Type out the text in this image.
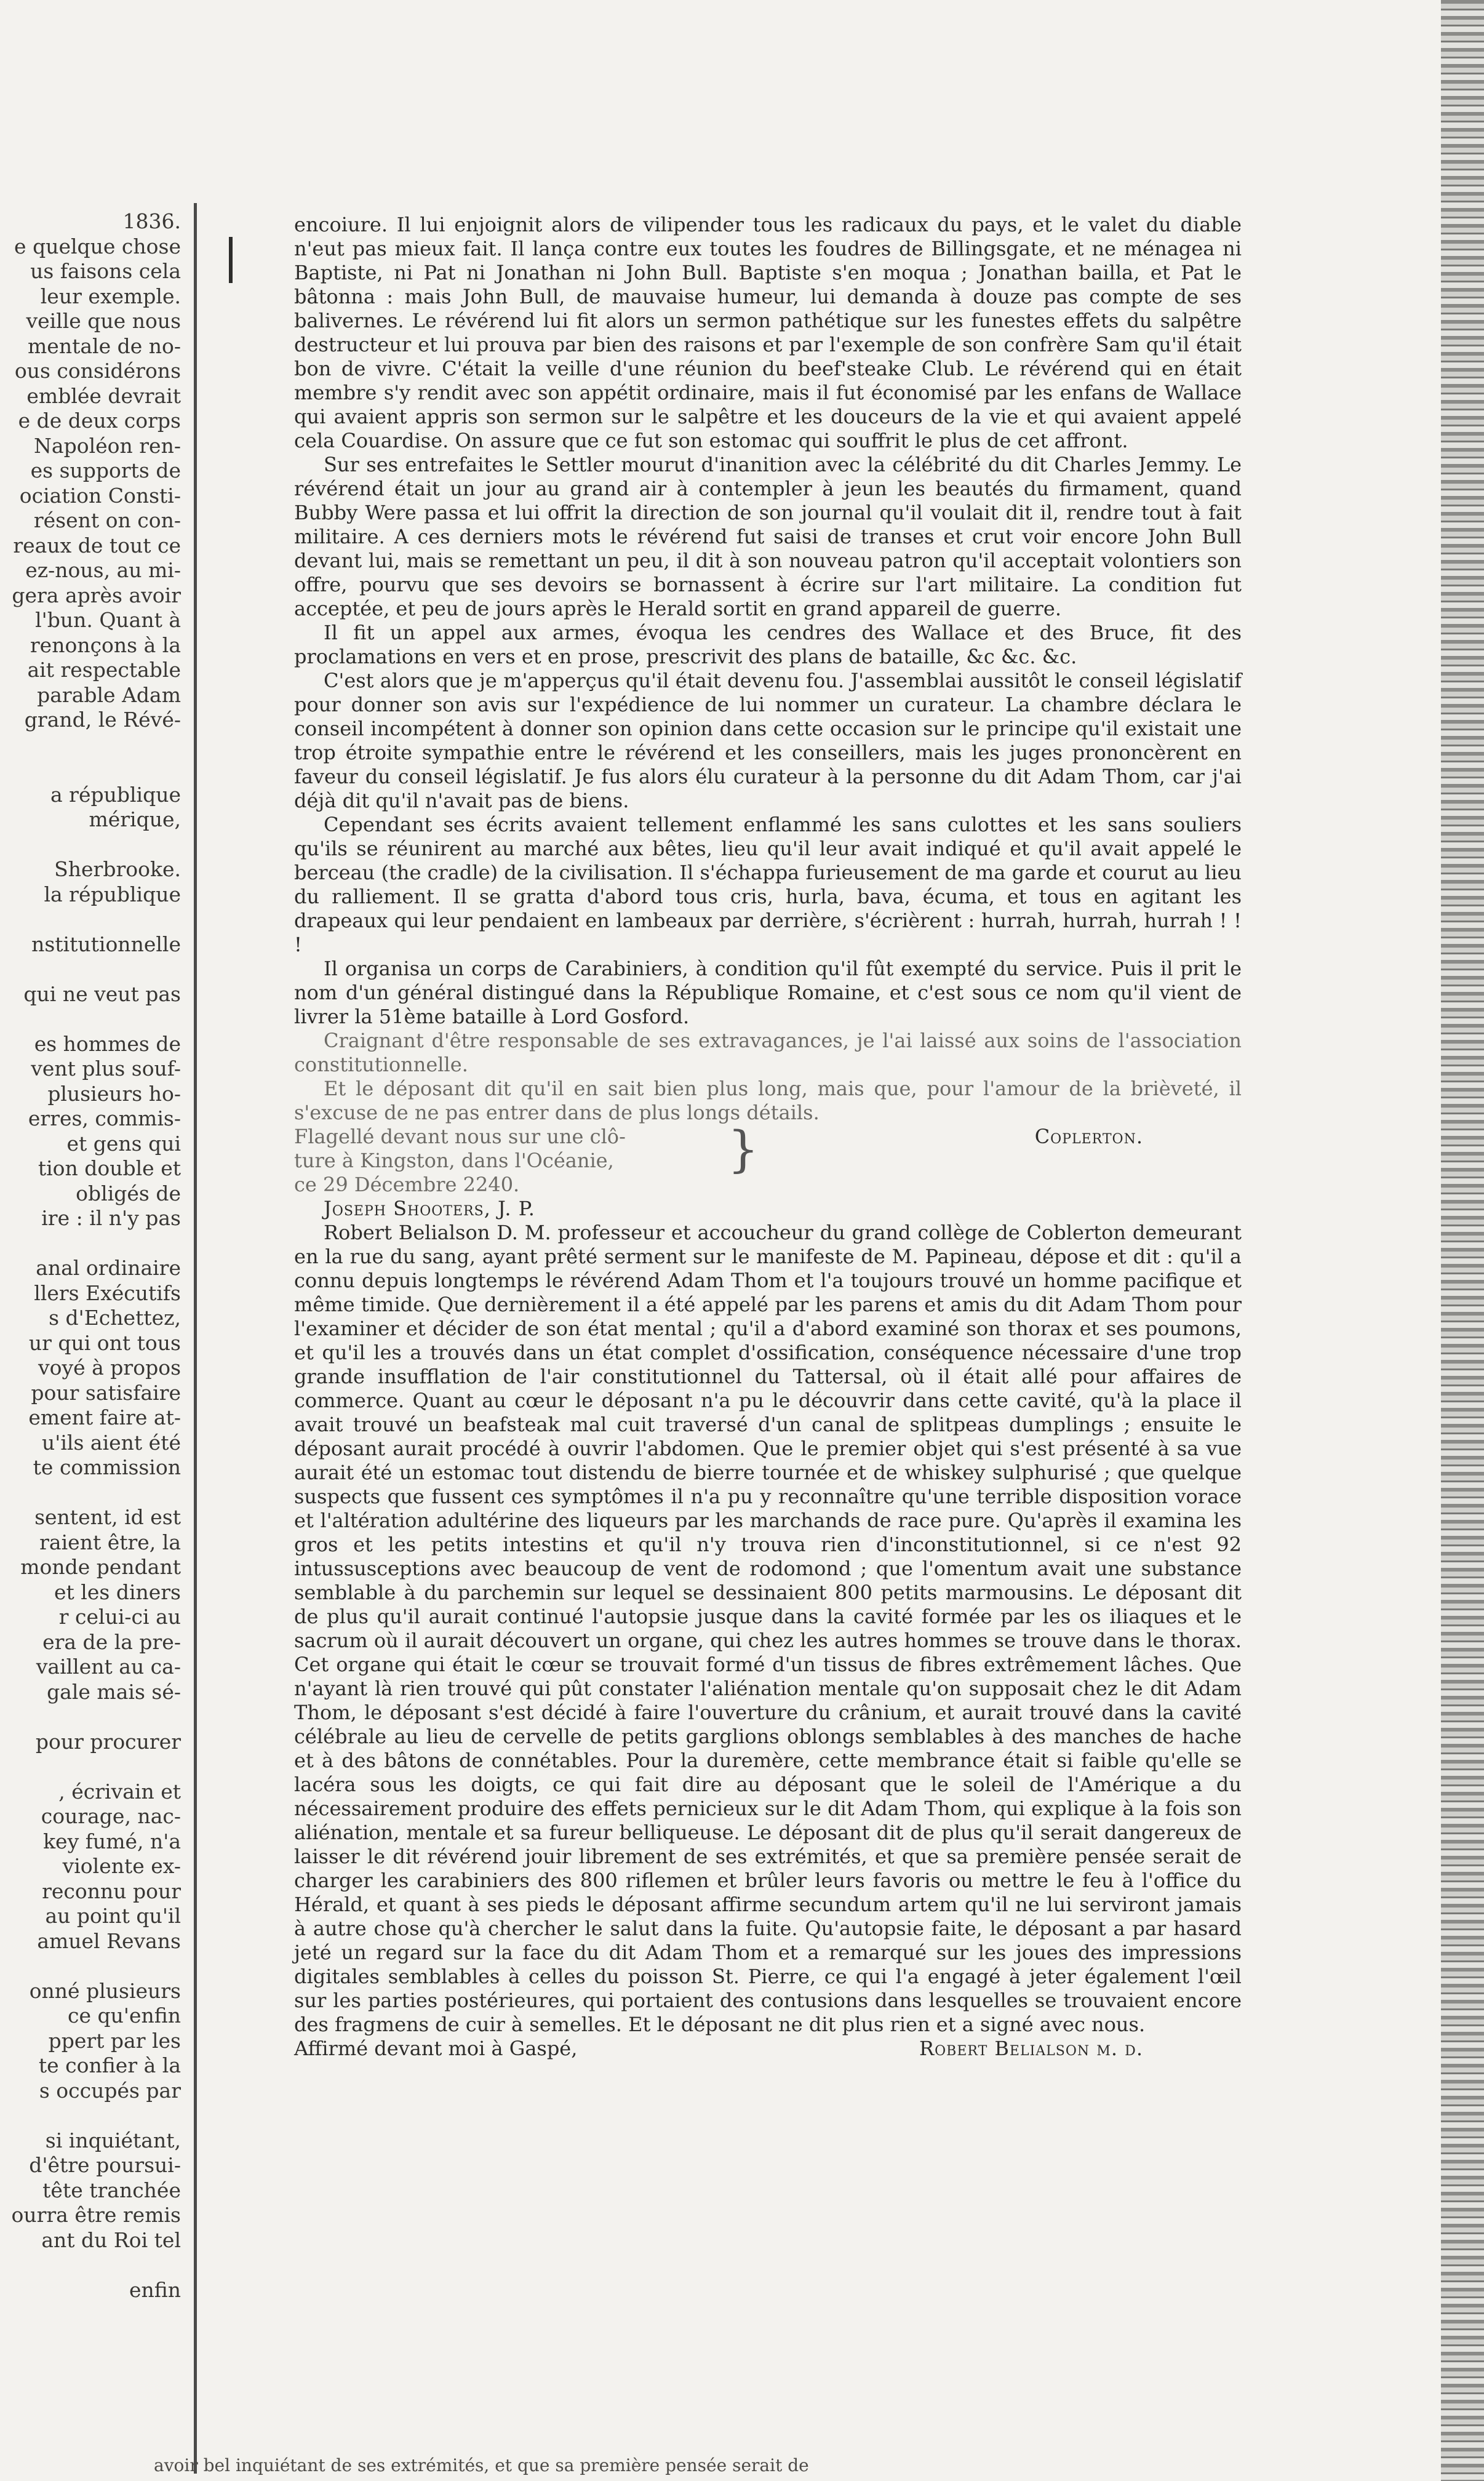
1836.

e quelque chose

us faisons cela

leur exemple.

veille que nous

mentale de no-

ous considérons

emblée devrait

e de deux corps

Napoléon ren-

es supports de

ociation Consti-

résent on con-

reaux de tout ce

ez-nous, au mi-

gera après avoir

l'bun. Quant à

renonçons à la

ait respectable

parable Adam

grand, le Révé-

a république

mérique,

Sherbrooke.

la république

nstitutionnelle

qui ne veut pas

es hommes de

vent plus souf-

plusieurs ho-

erres, commis-

et gens qui

tion double et

obligés de

ire : il n'y pas

anal ordinaire

llers Exécutifs

s d'Echettez,

ur qui ont tous

voyé à propos

pour satisfaire

ement faire at-

u'ils aient été

te commission

sentent, id est

raient être, la

monde pendant

et les diners

r celui-ci au

era de la pre-

vaillent au ca-

gale mais sé-

pour procurer

, écrivain et

courage, nac-

key fumé, n'a

violente ex-

reconnu pour

au point qu'il

amuel Revans

onné plusieurs

ce qu'enfin

ppert par les

te confier à la

s occupés par

si inquiétant,

d'être poursui-

tête tranchée

ourra être remis

ant du Roi tel

enfin

encoiure. Il lui enjoignit alors de vilipender tous les radicaux du pays, et le valet du diable n'eut pas mieux fait. Il lança contre eux toutes les foudres de Billingsgate, et ne ménagea ni Baptiste, ni Pat ni Jonathan ni John Bull. Baptiste s'en moqua ; Jonathan bailla, et Pat le bâtonna : mais John Bull, de mauvaise humeur, lui demanda à douze pas compte de ses balivernes. Le révérend lui fit alors un sermon pathétique sur les funestes effets du salpêtre destructeur et lui prouva par bien des raisons et par l'exemple de son confrère Sam qu'il était bon de vivre. C'était la veille d'une réunion du beef'steake Club. Le révérend qui en était membre s'y rendit avec son appétit ordinaire, mais il fut économisé par les enfans de Wallace qui avaient appris son sermon sur le salpêtre et les douceurs de la vie et qui avaient appelé cela Couardise. On assure que ce fut son estomac qui souffrit le plus de cet affront.

Sur ses entrefaites le Settler mourut d'inanition avec la célébrité du dit Charles Jemmy. Le révérend était un jour au grand air à contempler à jeun les beautés du firmament, quand Bubby Were passa et lui offrit la direction de son journal qu'il voulait dit il, rendre tout à fait militaire. A ces derniers mots le révérend fut saisi de transes et crut voir encore John Bull devant lui, mais se remettant un peu, il dit à son nouveau patron qu'il acceptait volontiers son offre, pourvu que ses devoirs se bornassent à écrire sur l'art militaire. La condition fut acceptée, et peu de jours après le Herald sortit en grand appareil de guerre.

Il fit un appel aux armes, évoqua les cendres des Wallace et des Bruce, fit des proclamations en vers et en prose, prescrivit des plans de bataille, &c &c. &c.

C'est alors que je m'apperçus qu'il était devenu fou. J'assemblai aussitôt le conseil législatif pour donner son avis sur l'expédience de lui nommer un curateur. La chambre déclara le conseil incompétent à donner son opinion dans cette occasion sur le principe qu'il existait une trop étroite sympathie entre le révérend et les conseillers, mais les juges prononcèrent en faveur du conseil législatif. Je fus alors élu curateur à la personne du dit Adam Thom, car j'ai déjà dit qu'il n'avait pas de biens.

Cependant ses écrits avaient tellement enflammé les sans culottes et les sans souliers qu'ils se réunirent au marché aux bêtes, lieu qu'il leur avait indiqué et qu'il avait appelé le berceau (the cradle) de la civilisation. Il s'échappa furieusement de ma garde et courut au lieu du ralliement. Il se gratta d'abord tous cris, hurla, bava, écuma, et tous en agitant les drapeaux qui leur pendaient en lambeaux par derrière, s'écrièrent : hurrah, hurrah, hurrah ! ! !

Il organisa un corps de Carabiniers, à condition qu'il fût exempté du service. Puis il prit le nom d'un général distingué dans la République Romaine, et c'est sous ce nom qu'il vient de livrer la 51ème bataille à Lord Gosford.

Craignant d'être responsable de ses extravagances, je l'ai laissé aux soins de l'association constitutionnelle.

Et le déposant dit qu'il en sait bien plus long, mais que, pour l'amour de la brièveté, il s'excuse de ne pas entrer dans de plus longs détails.

Flagellé devant nous sur une clô-
ture à Kingston, dans l'Océanie,
ce 29 Décembre 2240.
}	Coplerton.

Joseph Shooters, J. P.

Robert Belialson D. M. professeur et accoucheur du grand collège de Coblerton demeurant en la rue du sang, ayant prêté serment sur le manifeste de M. Papineau, dépose et dit : qu'il a connu depuis longtemps le révérend Adam Thom et l'a toujours trouvé un homme pacifique et même timide. Que dernièrement il a été appelé par les parens et amis du dit Adam Thom pour l'examiner et décider de son état mental ; qu'il a d'abord examiné son thorax et ses poumons, et qu'il les a trouvés dans un état complet d'ossification, conséquence nécessaire d'une trop grande insufflation de l'air constitutionnel du Tattersal, où il était allé pour affaires de commerce. Quant au cœur le déposant n'a pu le découvrir dans cette cavité, qu'à la place il avait trouvé un beafsteak mal cuit traversé d'un canal de splitpeas dumplings ; ensuite le déposant aurait procédé à ouvrir l'abdomen. Que le premier objet qui s'est présenté à sa vue aurait été un estomac tout distendu de bierre tournée et de whiskey sulphurisé ; que quelque suspects que fussent ces symptômes il n'a pu y reconnaître qu'une terrible disposition vorace et l'altération adultérine des liqueurs par les marchands de race pure. Qu'après il examina les gros et les petits intestins et qu'il n'y trouva rien d'inconstitutionnel, si ce n'est 92 intussusceptions avec beaucoup de vent de rodomond ; que l'omentum avait une substance semblable à du parchemin sur lequel se dessinaient 800 petits marmousins. Le déposant dit de plus qu'il aurait continué l'autopsie jusque dans la cavité formée par les os iliaques et le sacrum où il aurait découvert un organe, qui chez les autres hommes se trouve dans le thorax. Cet organe qui était le cœur se trouvait formé d'un tissus de fibres extrêmement lâches. Que n'ayant là rien trouvé qui pût constater l'aliénation mentale qu'on supposait chez le dit Adam Thom, le déposant s'est décidé à faire l'ouverture du crânium, et aurait trouvé dans la cavité célébrale au lieu de cervelle de petits garglions oblongs semblables à des manches de hache et à des bâtons de connétables. Pour la duremère, cette membrance était si faible qu'elle se lacéra sous les doigts, ce qui fait dire au déposant que le soleil de l'Amérique a du nécessairement produire des effets pernicieux sur le dit Adam Thom, qui explique à la fois son aliénation, mentale et sa fureur belliqueuse. Le déposant dit de plus qu'il serait dangereux de laisser le dit révérend jouir librement de ses extrémités, et que sa première pensée serait de charger les carabiniers des 800 riflemen et brûler leurs favoris ou mettre le feu à l'office du Hérald, et quant à ses pieds le déposant affirme secundum artem qu'il ne lui serviront jamais à autre chose qu'à chercher le salut dans la fuite. Qu'autopsie faite, le déposant a par hasard jeté un regard sur la face du dit Adam Thom et a remarqué sur les joues des impressions digitales semblables à celles du poisson St. Pierre, ce qui l'a engagé à jeter également l'œil sur les parties postérieures, qui portaient des contusions dans lesquelles se trouvaient encore des fragmens de cuir à semelles. Et le déposant ne dit plus rien et a signé avec nous.

Affirmé devant moi à Gaspé,	Robert Belialson m. d.
avoir bel inquiétant de ses extrémités, et que sa première pensée serait de
